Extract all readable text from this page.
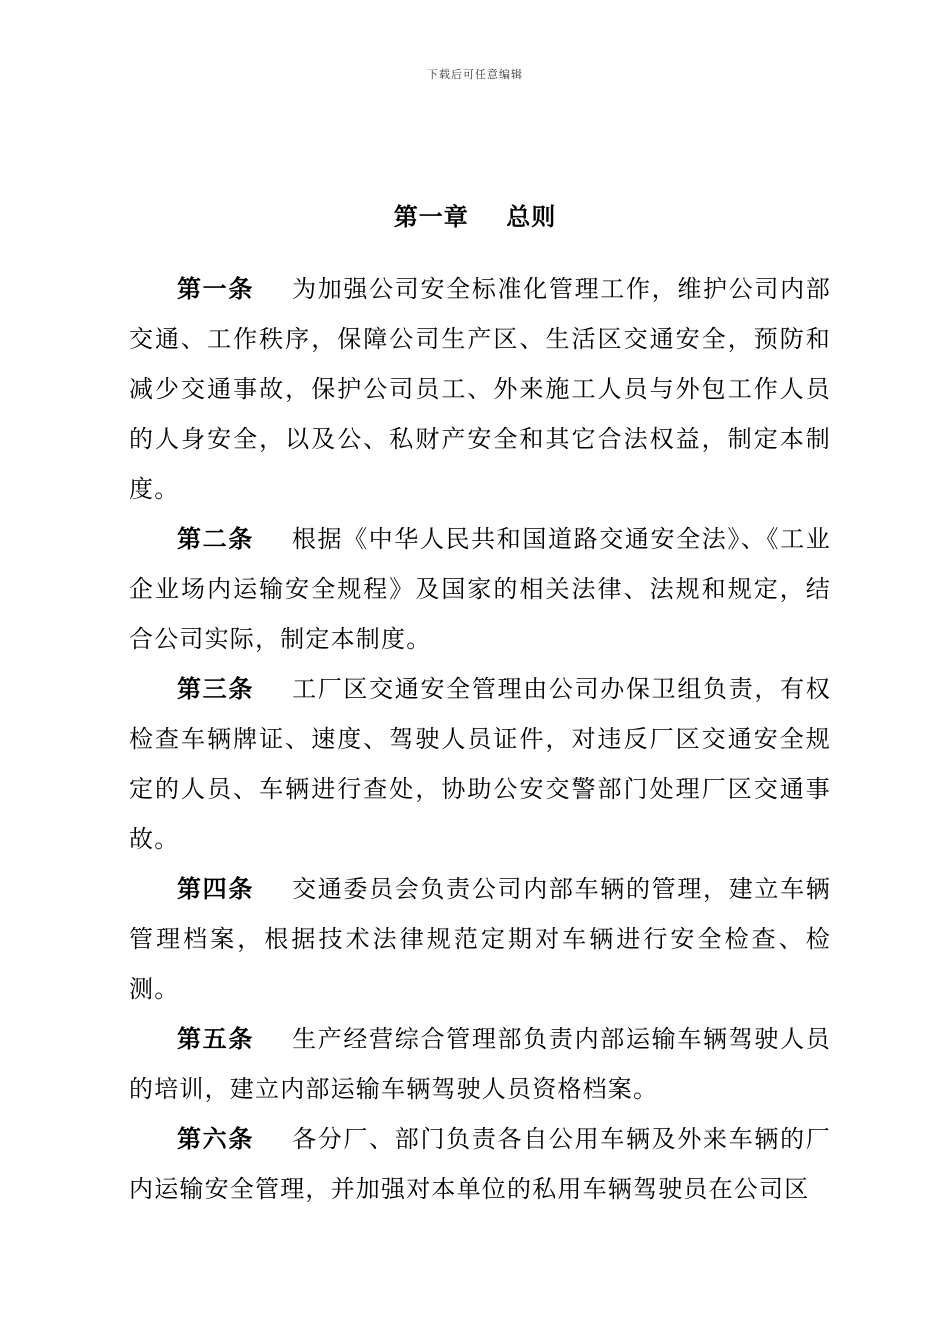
下载后可任意编辑
第一章    总则

第一条 为加强公司安全标准化管理工作，维护公司内部交通、工作秩序，保障公司生产区、生活区交通安全，预防和减少交通事故，保护公司员工、外来施工人员与外包工作人员的人身安全，以及公、私财产安全和其它合法权益，制定本制度。

第二条 根据《中华人民共和国道路交通安全法》、《工业企业场内运输安全规程》及国家的相关法律、法规和规定，结合公司实际，制定本制度。

第三条 工厂区交通安全管理由公司办保卫组负责，有权检查车辆牌证、速度、驾驶人员证件，对违反厂区交通安全规定的人员、车辆进行查处，协助公安交警部门处理厂区交通事故。

第四条 交通委员会负责公司内部车辆的管理，建立车辆管理档案，根据技术法律规范定期对车辆进行安全检查、检测。

第五条 生产经营综合管理部负责内部运输车辆驾驶人员的培训，建立内部运输车辆驾驶人员资格档案。

第六条 各分厂、部门负责各自公用车辆及外来车辆的厂内运输安全管理，并加强对本单位的私用车辆驾驶员在公司区
